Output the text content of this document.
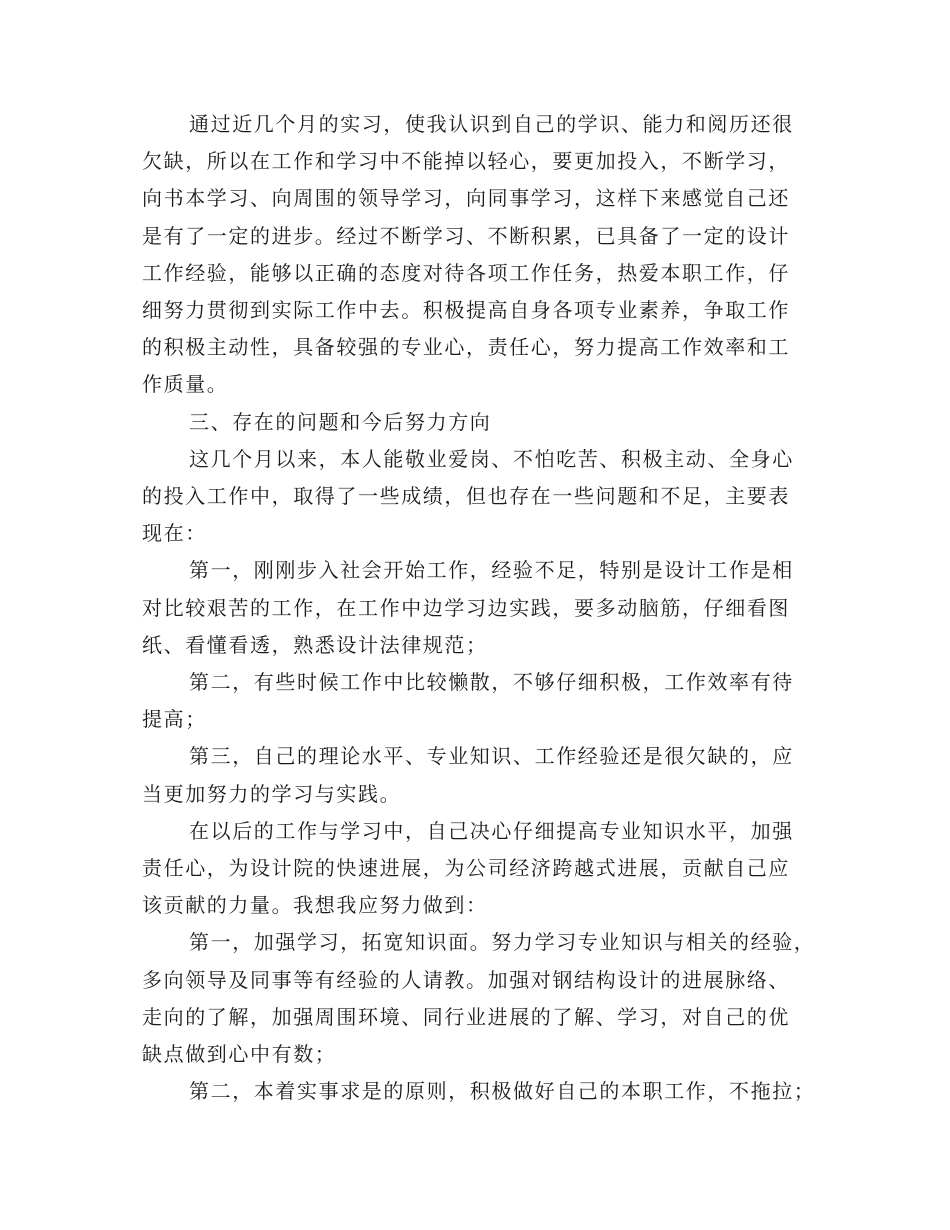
通过近几个月的实习，使我认识到自己的学识、能力和阅历还很
欠缺，所以在工作和学习中不能掉以轻心，要更加投入，不断学习，
向书本学习、向周围的领导学习，向同事学习，这样下来感觉自己还
是有了一定的进步。经过不断学习、不断积累，已具备了一定的设计
工作经验，能够以正确的态度对待各项工作任务，热爱本职工作，仔
细努力贯彻到实际工作中去。积极提高自身各项专业素养，争取工作
的积极主动性，具备较强的专业心，责任心，努力提高工作效率和工
作质量。

三、存在的问题和今后努力方向

这几个月以来，本人能敬业爱岗、不怕吃苦、积极主动、全身心
的投入工作中，取得了一些成绩，但也存在一些问题和不足，主要表
现在：

第一，刚刚步入社会开始工作，经验不足，特别是设计工作是相
对比较艰苦的工作，在工作中边学习边实践，要多动脑筋，仔细看图
纸、看懂看透，熟悉设计法律规范；

第二，有些时候工作中比较懒散，不够仔细积极，工作效率有待
提高；

第三，自己的理论水平、专业知识、工作经验还是很欠缺的，应
当更加努力的学习与实践。

在以后的工作与学习中，自己决心仔细提高专业知识水平，加强
责任心，为设计院的快速进展，为公司经济跨越式进展，贡献自己应
该贡献的力量。我想我应努力做到：

第一，加强学习，拓宽知识面。努力学习专业知识与相关的经验，
多向领导及同事等有经验的人请教。加强对钢结构设计的进展脉络、
走向的了解，加强周围环境、同行业进展的了解、学习，对自己的优
缺点做到心中有数；

第二，本着实事求是的原则，积极做好自己的本职工作，不拖拉；
